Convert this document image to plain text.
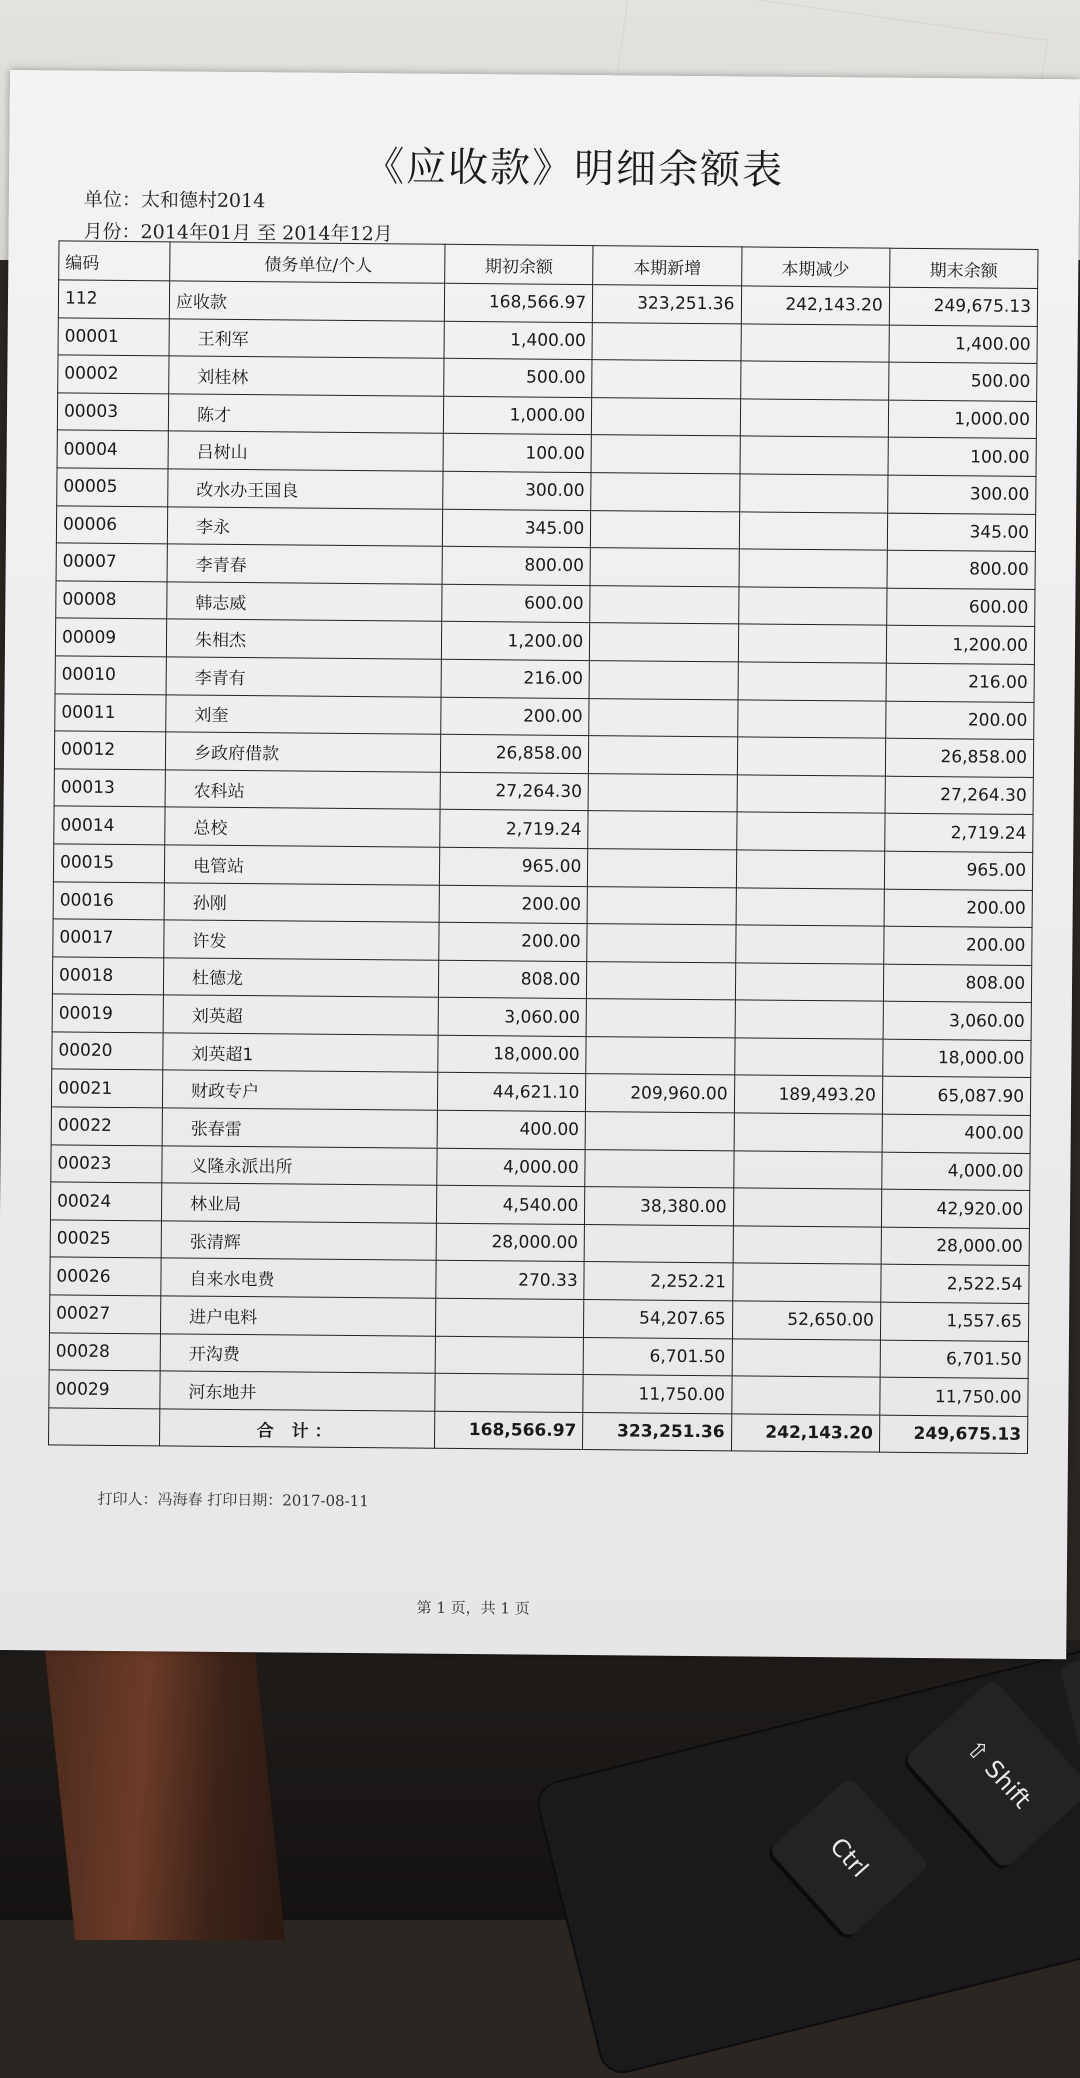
Ctrl
⇧ Shift
《应收款》明细余额表
单位：太和德村2014
月份：2014年01月 至 2014年12月
编码	债务单位/个人	期初余额	本期新增	本期减少	期末余额
112	应收款	168,566.97	323,251.36	242,143.20	249,675.13
00001	王利军	1,400.00			1,400.00
00002	刘桂林	500.00			500.00
00003	陈才	1,000.00			1,000.00
00004	吕树山	100.00			100.00
00005	改水办王国良	300.00			300.00
00006	李永	345.00			345.00
00007	李青春	800.00			800.00
00008	韩志威	600.00			600.00
00009	朱相杰	1,200.00			1,200.00
00010	李青有	216.00			216.00
00011	刘奎	200.00			200.00
00012	乡政府借款	26,858.00			26,858.00
00013	农科站	27,264.30			27,264.30
00014	总校	2,719.24			2,719.24
00015	电管站	965.00			965.00
00016	孙刚	200.00			200.00
00017	许发	200.00			200.00
00018	杜德龙	808.00			808.00
00019	刘英超	3,060.00			3,060.00
00020	刘英超1	18,000.00			18,000.00
00021	财政专户	44,621.10	209,960.00	189,493.20	65,087.90
00022	张春雷	400.00			400.00
00023	义隆永派出所	4,000.00			4,000.00
00024	林业局	4,540.00	38,380.00		42,920.00
00025	张清辉	28,000.00			28,000.00
00026	自来水电费	270.33	2,252.21		2,522.54
00027	进户电料		54,207.65	52,650.00	1,557.65
00028	开沟费		6,701.50		6,701.50
00029	河东地井		11,750.00		11,750.00
	合 计：	168,566.97	323,251.36	242,143.20	249,675.13
打印人：冯海春 打印日期：2017-08-11
第 1 页，共 1 页
